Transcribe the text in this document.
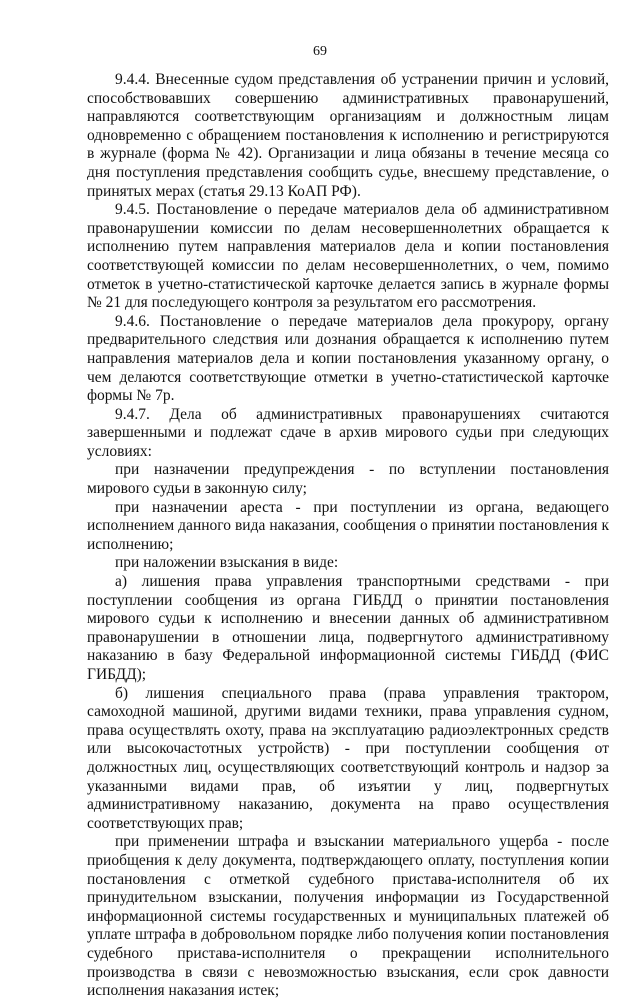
69

9.4.4. Внесенные судом представления об устранении причин и условий, способствовавших совершению административных правонарушений, направляются соответствующим организациям и должностным лицам одновременно с обращением постановления к исполнению и регистрируются в журнале (форма № 42). Организации и лица обязаны в течение месяца со дня поступления представления сообщить судье, внесшему представление, о принятых мерах (статья 29.13 КоАП РФ).

9.4.5. Постановление о передаче материалов дела об административном правонарушении комиссии по делам несовершеннолетних обращается к исполнению путем направления материалов дела и копии постановления соответствующей комиссии по делам несовершеннолетних, о чем, помимо отметок в учетно-статистической карточке делается запись в журнале формы № 21 для последующего контроля за результатом его рассмотрения.

9.4.6. Постановление о передаче материалов дела прокурору, органу предварительного следствия или дознания обращается к исполнению путем направления материалов дела и копии постановления указанному органу, о чем делаются соответствующие отметки в учетно-статистической карточке формы № 7р.

9.4.7. Дела об административных правонарушениях считаются завершенными и подлежат сдаче в архив мирового судьи при следующих условиях:

при назначении предупреждения - по вступлении постановления мирового судьи в законную силу;

при назначении ареста - при поступлении из органа, ведающего исполнением данного вида наказания, сообщения о принятии постановления к исполнению;

при наложении взыскания в виде:

а) лишения права управления транспортными средствами - при поступлении сообщения из органа ГИБДД о принятии постановления мирового судьи к исполнению и внесении данных об административном правонарушении в отношении лица, подвергнутого административному наказанию в базу Федеральной информационной системы ГИБДД (ФИС ГИБДД);

б) лишения специального права (права управления трактором, самоходной машиной, другими видами техники, права управления судном, права осуществлять охоту, права на эксплуатацию радиоэлектронных средств или высокочастотных устройств) - при поступлении сообщения от должностных лиц, осуществляющих соответствующий контроль и надзор за указанными видами прав, об изъятии у лиц, подвергнутых административному наказанию, документа на право осуществления соответствующих прав;

при применении штрафа и взыскании материального ущерба - после приобщения к делу документа, подтверждающего оплату, поступления копии постановления с отметкой судебного пристава-исполнителя об их принудительном взыскании, получения информации из Государственной информационной системы государственных и муниципальных платежей об уплате штрафа в добровольном порядке либо получения копии постановления судебного пристава-исполнителя о прекращении исполнительного производства в связи с невозможностью взыскания, если срок давности исполнения наказания истек;
